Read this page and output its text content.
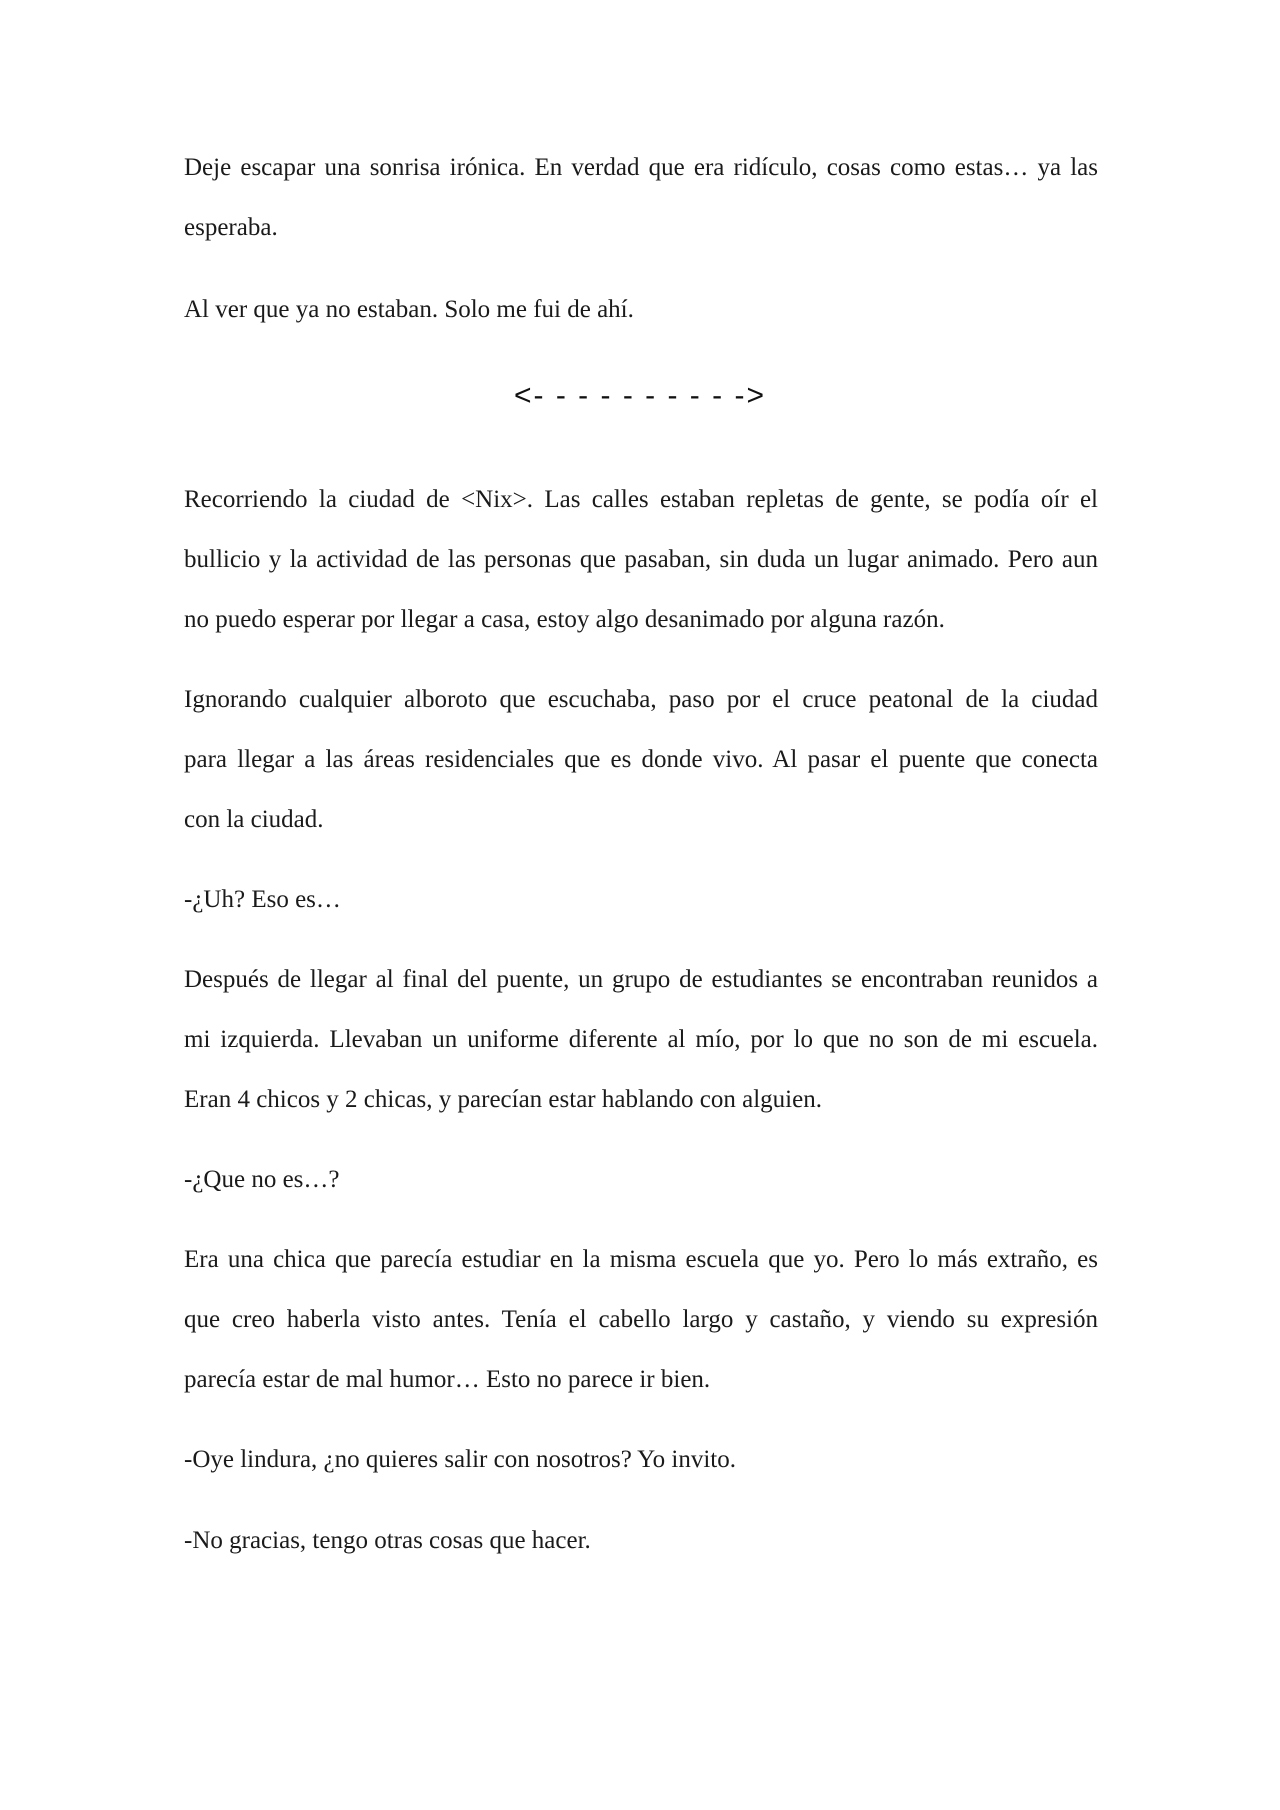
Deje escapar una sonrisa irónica. En verdad que era ridículo, cosas como estas… ya las
esperaba.

Al ver que ya no estaban. Solo me fui de ahí.

<- - - - - - - - - ->

Recorriendo la ciudad de <Nix>. Las calles estaban repletas de gente, se podía oír el
bullicio y la actividad de las personas que pasaban, sin duda un lugar animado. Pero aun
no puedo esperar por llegar a casa, estoy algo desanimado por alguna razón.

Ignorando cualquier alboroto que escuchaba, paso por el cruce peatonal de la ciudad
para llegar a las áreas residenciales que es donde vivo. Al pasar el puente que conecta
con la ciudad.

-¿Uh? Eso es…

Después de llegar al final del puente, un grupo de estudiantes se encontraban reunidos a
mi izquierda. Llevaban un uniforme diferente al mío, por lo que no son de mi escuela.
Eran 4 chicos y 2 chicas, y parecían estar hablando con alguien.

-¿Que no es…?

Era una chica que parecía estudiar en la misma escuela que yo. Pero lo más extraño, es
que creo haberla visto antes. Tenía el cabello largo y castaño, y viendo su expresión
parecía estar de mal humor… Esto no parece ir bien.

-Oye lindura, ¿no quieres salir con nosotros? Yo invito.

-No gracias, tengo otras cosas que hacer.
